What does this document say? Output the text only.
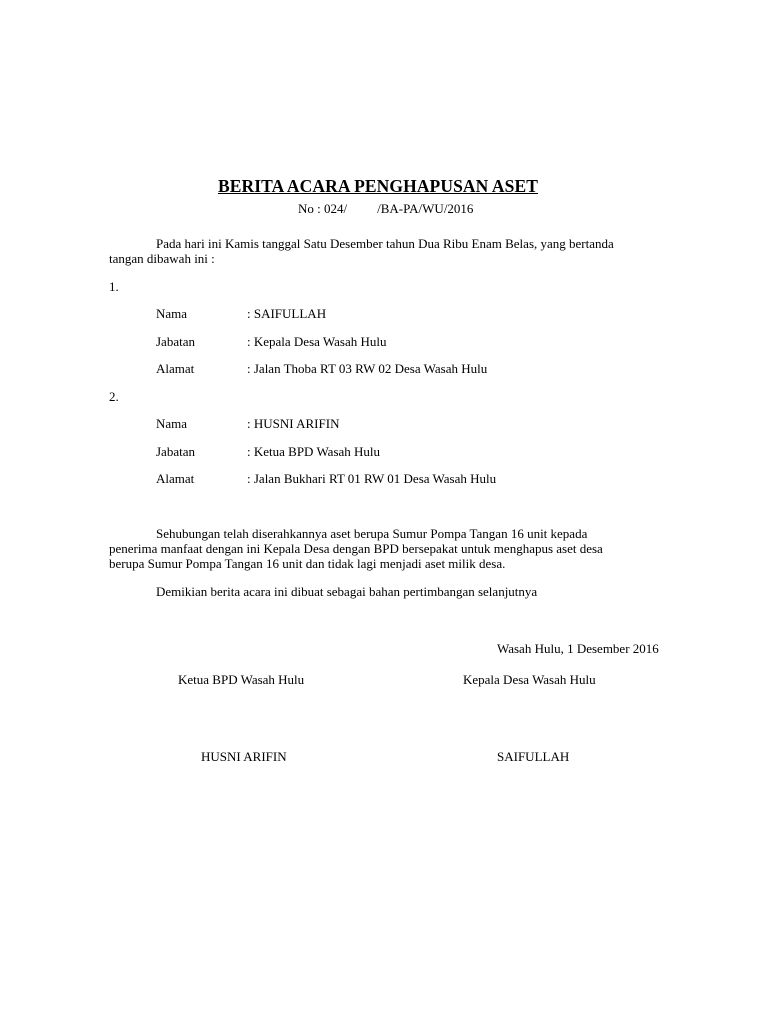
BERITA ACARA PENGHAPUSAN ASET
No : 024/ /BA-PA/WU/2016
Pada hari ini Kamis tanggal Satu Desember tahun Dua Ribu Enam Belas, yang bertanda
tangan dibawah ini :
1.
Nama	: SAIFULLAH
Jabatan	: Kepala Desa Wasah Hulu
Alamat	: Jalan Thoba RT 03 RW 02 Desa Wasah Hulu
2.
Nama	: HUSNI ARIFIN
Jabatan	: Ketua BPD Wasah Hulu
Alamat	: Jalan Bukhari RT 01 RW 01 Desa Wasah Hulu
Sehubungan telah diserahkannya aset berupa Sumur Pompa Tangan 16 unit kepada
penerima manfaat dengan ini Kepala Desa dengan BPD bersepakat untuk menghapus aset desa
berupa Sumur Pompa Tangan 16 unit dan tidak lagi menjadi aset milik desa.
Demikian berita acara ini dibuat sebagai bahan pertimbangan selanjutnya
Wasah Hulu, 1 Desember 2016
Ketua BPD Wasah Hulu	Kepala Desa Wasah Hulu
HUSNI ARIFIN	SAIFULLAH
